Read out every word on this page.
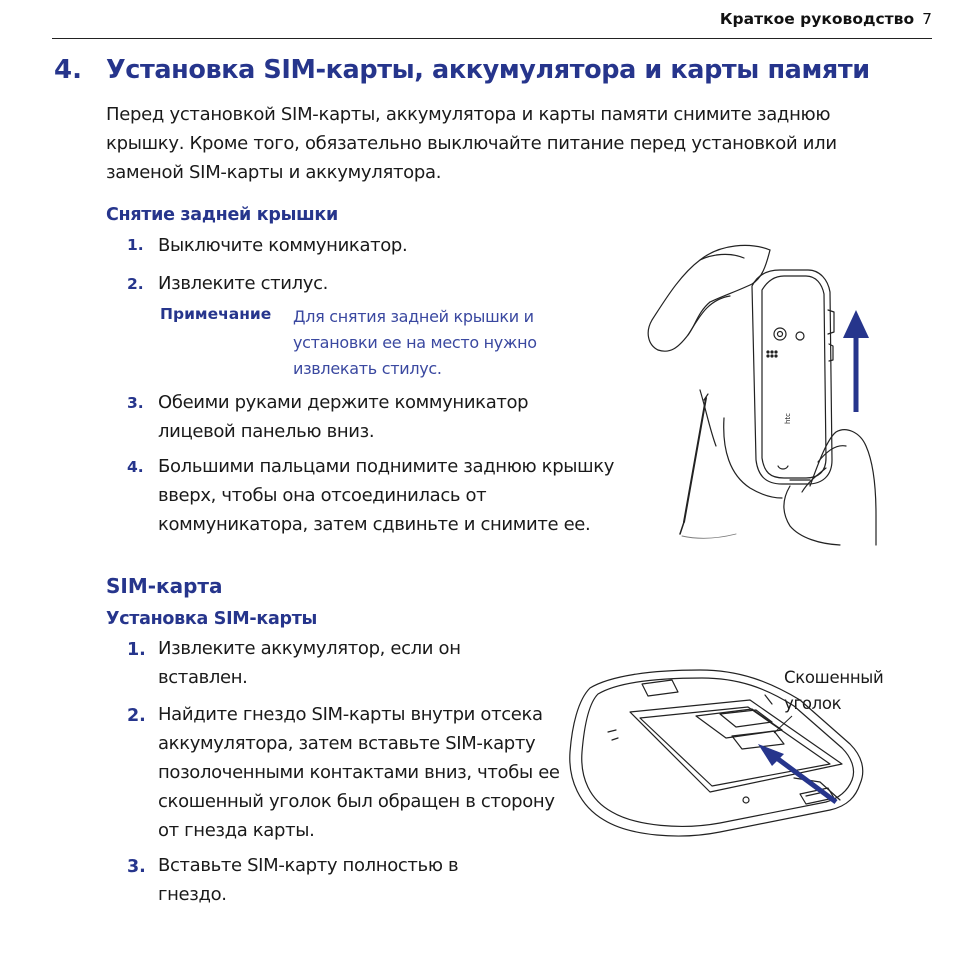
Краткое руководство 7
4. Установка SIM-карты, аккумулятора и карты памяти
Перед установкой SIM-карты, аккумулятора и карты памяти снимите заднюю крышку. Кроме того, обязательно выключайте питание перед установкой или заменой SIM-карты и аккумулятора.
Снятие задней крышки
1. Выключите коммуникатор.
2. Извлеките стилус.
Примечание Для снятия задней крышки и установки ее на место нужно извлекать стилус.
3. Обеими руками держите коммуникатор лицевой панелью вниз.
4. Большими пальцами поднимите заднюю крышку вверх, чтобы она отсоединилась от коммуникатора, затем сдвиньте и снимите ее.
htc
SIM-карта
Установка SIM-карты
1. Извлеките аккумулятор, если он вставлен.
2. Найдите гнездо SIM-карты внутри отсека аккумулятора, затем вставьте SIM-карту позолоченными контактами вниз, чтобы ее скошенный уголок был обращен в сторону от гнезда карты.
3. Вставьте SIM-карту полностью в гнездо.
Скошенный уголок
